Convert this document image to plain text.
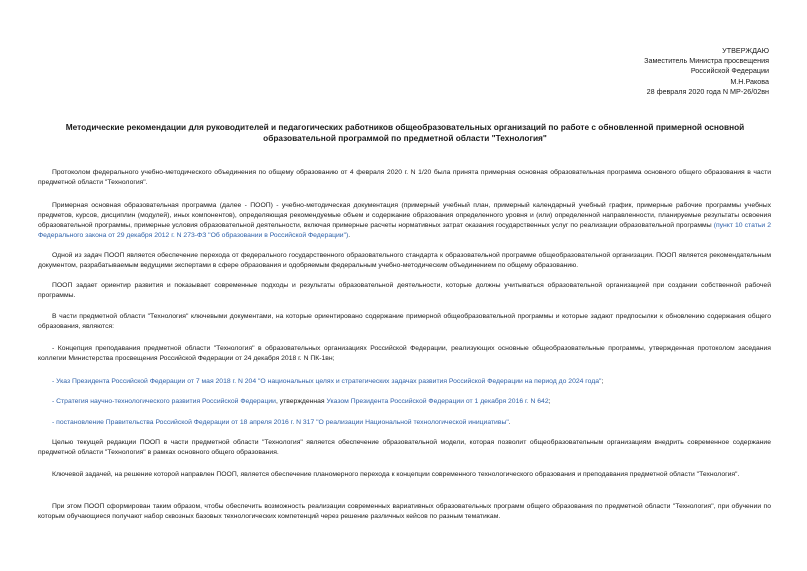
УТВЕРЖДАЮ
Заместитель Министра просвещения
Российской Федерации
М.Н.Ракова
28 февраля 2020 года N МР-26/02вн
Методические рекомендации для руководителей и педагогических работников общеобразовательных организаций по работе с обновленной примерной основной образовательной программой по предметной области "Технология"
Протоколом федерального учебно-методического объединения по общему образованию от 4 февраля 2020 г. N 1/20 была принята примерная основная образовательная программа основного общего образования в части предметной области "Технология".
Примерная основная образовательная программа (далее - ПООП) - учебно-методическая документация (примерный учебный план, примерный календарный учебный график, примерные рабочие программы учебных предметов, курсов, дисциплин (модулей), иных компонентов), определяющая рекомендуемые объем и содержание образования определенного уровня и (или) определенной направленности, планируемые результаты освоения образовательной программы, примерные условия образовательной деятельности, включая примерные расчеты нормативных затрат оказания государственных услуг по реализации образовательной программы (пункт 10 статьи 2 Федерального закона от 29 декабря 2012 г. N 273-ФЗ "Об образовании в Российской Федерации").
Одной из задач ПООП является обеспечение перехода от федерального государственного образовательного стандарта к образовательной программе общеобразовательной организации. ПООП является рекомендательным документом, разрабатываемым ведущими экспертами в сфере образования и одобряемым федеральным учебно-методическим объединением по общему образованию.
ПООП задает ориентир развития и показывает современные подходы и результаты образовательной деятельности, которые должны учитываться образовательной организацией при создании собственной рабочей программы.
В части предметной области "Технология" ключевыми документами, на которые ориентировано содержание примерной общеобразовательной программы и которые задают предпосылки к обновлению содержания общего образования, являются:
- Концепция преподавания предметной области "Технология" в образовательных организациях Российской Федерации, реализующих основные общеобразовательные программы, утвержденная протоколом заседания коллегии Министерства просвещения Российской Федерации от 24 декабря 2018 г. N ПК-1вн;
- Указ Президента Российской Федерации от 7 мая 2018 г. N 204 "О национальных целях и стратегических задачах развития Российской Федерации на период до 2024 года";
- Стратегия научно-технологического развития Российской Федерации, утвержденная Указом Президента Российской Федерации от 1 декабря 2016 г. N 642;
- постановление Правительства Российской Федерации от 18 апреля 2016 г. N 317 "О реализации Национальной технологической инициативы".
Целью текущей редакции ПООП в части предметной области "Технология" является обеспечение образовательной модели, которая позволит общеобразовательным организациям внедрить современное содержание предметной области "Технология" в рамках основного общего образования.
Ключевой задачей, на решение которой направлен ПООП, является обеспечение планомерного перехода к концепции современного технологического образования и преподавания предметной области "Технология".
При этом ПООП сформирован таким образом, чтобы обеспечить возможность реализации современных вариативных образовательных программ общего образования по предметной области "Технология", при обучении по которым обучающиеся получают набор сквозных базовых технологических компетенций через решение различных кейсов по разным тематикам.
